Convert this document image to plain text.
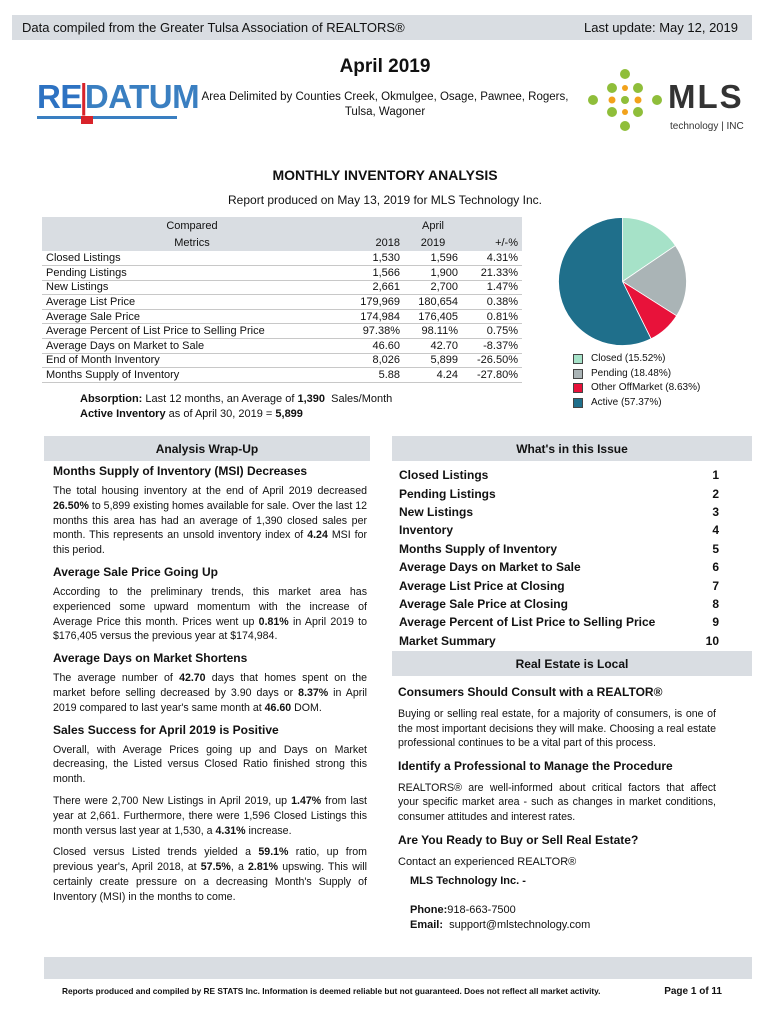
Data compiled from the Greater Tulsa Association of REALTORS®	Last update: May 12, 2019
RE|DATUM
April 2019
Area Delimited by Counties Creek, Okmulgee, Osage, Pawnee, Rogers, Tulsa, Wagoner	MLS
technology | INC
MONTHLY INVENTORY ANALYSIS
Report produced on May 13, 2019 for MLS Technology Inc.
Compared		April	
Metrics	2018	2019	+/-%
Closed Listings	1,530	1,596	4.31%
Pending Listings	1,566	1,900	21.33%
New Listings	2,661	2,700	1.47%
Average List Price	179,969	180,654	0.38%
Average Sale Price	174,984	176,405	0.81%
Average Percent of List Price to Selling Price	97.38%	98.11%	0.75%
Average Days on Market to Sale	46.60	42.70	-8.37%
End of Month Inventory	8,026	5,899	-26.50%
Months Supply of Inventory	5.88	4.24	-27.80%
Absorption: Last 12 months, an Average of 1,390 Sales/Month
Active Inventory as of April 30, 2019 = 5,899
Closed (15.52%)
Pending (18.48%)
Other OffMarket (8.63%)
Active (57.37%)
Analysis Wrap-Up
Months Supply of Inventory (MSI) Decreases

The total housing inventory at the end of April 2019 decreased 26.50% to 5,899 existing homes available for sale. Over the last 12 months this area has had an average of 1,390 closed sales per month. This represents an unsold inventory index of 4.24 MSI for this period.

Average Sale Price Going Up

According to the preliminary trends, this market area has experienced some upward momentum with the increase of Average Price this month. Prices went up 0.81% in April 2019 to $176,405 versus the previous year at $174,984.

Average Days on Market Shortens

The average number of 42.70 days that homes spent on the market before selling decreased by 3.90 days or 8.37% in April 2019 compared to last year's same month at 46.60 DOM.

Sales Success for April 2019 is Positive

Overall, with Average Prices going up and Days on Market decreasing, the Listed versus Closed Ratio finished strong this month.

There were 2,700 New Listings in April 2019, up 1.47% from last year at 2,661. Furthermore, there were 1,596 Closed Listings this month versus last year at 1,530, a 4.31% increase.

Closed versus Listed trends yielded a 59.1% ratio, up from previous year's, April 2018, at 57.5%, a 2.81% upswing. This will certainly create pressure on a decreasing Month's Supply of Inventory (MSI) in the months to come.

What's in this Issue
Closed Listings	1
Pending Listings	2
New Listings	3
Inventory	4
Months Supply of Inventory	5
Average Days on Market to Sale	6
Average List Price at Closing	7
Average Sale Price at Closing	8
Average Percent of List Price to Selling Price	9
Market Summary	10
Real Estate is Local
Consumers Should Consult with a REALTOR®

Buying or selling real estate, for a majority of consumers, is one of the most important decisions they will make. Choosing a real estate professional continues to be a vital part of this process.

Identify a Professional to Manage the Procedure

REALTORS® are well-informed about critical factors that affect your specific market area - such as changes in market conditions, consumer attitudes and interest rates.

Are You Ready to Buy or Sell Real Estate?
Contact an experienced REALTOR®
MLS Technology Inc. -
Phone:918-663-7500
Email: support@mlstechnology.com
Reports produced and compiled by RE STATS Inc. Information is deemed reliable but not guaranteed. Does not reflect all market activity.	Page 1 of 11
